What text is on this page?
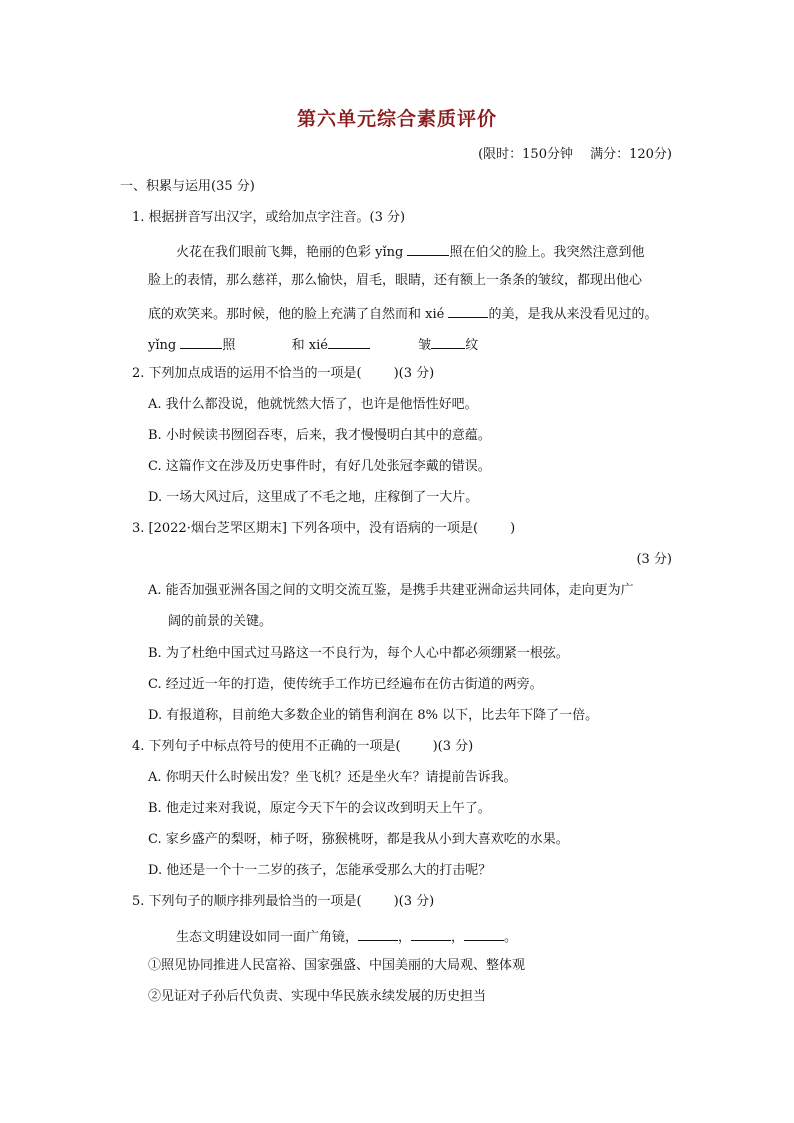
第六单元综合素质评价
(限时：150分钟　 满分：120分)
一、积累与运用(35 分)
1. 根据拼音写出汉字，或给加点字注音。(3 分)
火花在我们眼前飞舞，艳丽的色彩 yǐng	照在伯父的脸上。我突然注意到他
脸上的表情，那么慈祥，那么愉快，眉毛，眼睛，还有额上一条条的皱纹，都现出他心
底的欢笑来。那时候，他的脸上充满了自然而和 xié	的美，是我从来没看见过的。
yǐng	照	和 xié	皱	纹
2. 下列加点成语的运用不恰当的一项是( )(3 分)
A. 我什么都没说，他就恍然大悟了，也许是他悟性好吧。
B. 小时候读书囫囵吞枣，后来，我才慢慢明白其中的意蕴。
C. 这篇作文在涉及历史事件时，有好几处张冠李戴的错误。
D. 一场大风过后，这里成了不毛之地，庄稼倒了一大片。
3. [2022·烟台芝罘区期末] 下列各项中，没有语病的一项是( )
(3 分)
A. 能否加强亚洲各国之间的文明交流互鉴，是携手共建亚洲命运共同体，走向更为广
阔的前景的关键。
B. 为了杜绝中国式过马路这一不良行为，每个人心中都必须绷紧一根弦。
C. 经过近一年的打造，使传统手工作坊已经遍布在仿古街道的两旁。
D. 有报道称，目前绝大多数企业的销售利润在 8% 以下，比去年下降了一倍。
4. 下列句子中标点符号的使用不正确的一项是( )(3 分)
A. 你明天什么时候出发？坐飞机？还是坐火车？请提前告诉我。
B. 他走过来对我说，原定今天下午的会议改到明天上午了。
C. 家乡盛产的梨呀，柿子呀，猕猴桃呀，都是我从小到大喜欢吃的水果。
D. 他还是一个十一二岁的孩子，怎能承受那么大的打击呢？
5. 下列句子的顺序排列最恰当的一项是( )(3 分)
生态文明建设如同一面广角镜，	，	，	。
①照见协同推进人民富裕、国家强盛、中国美丽的大局观、整体观
②见证对子孙后代负责、实现中华民族永续发展的历史担当
